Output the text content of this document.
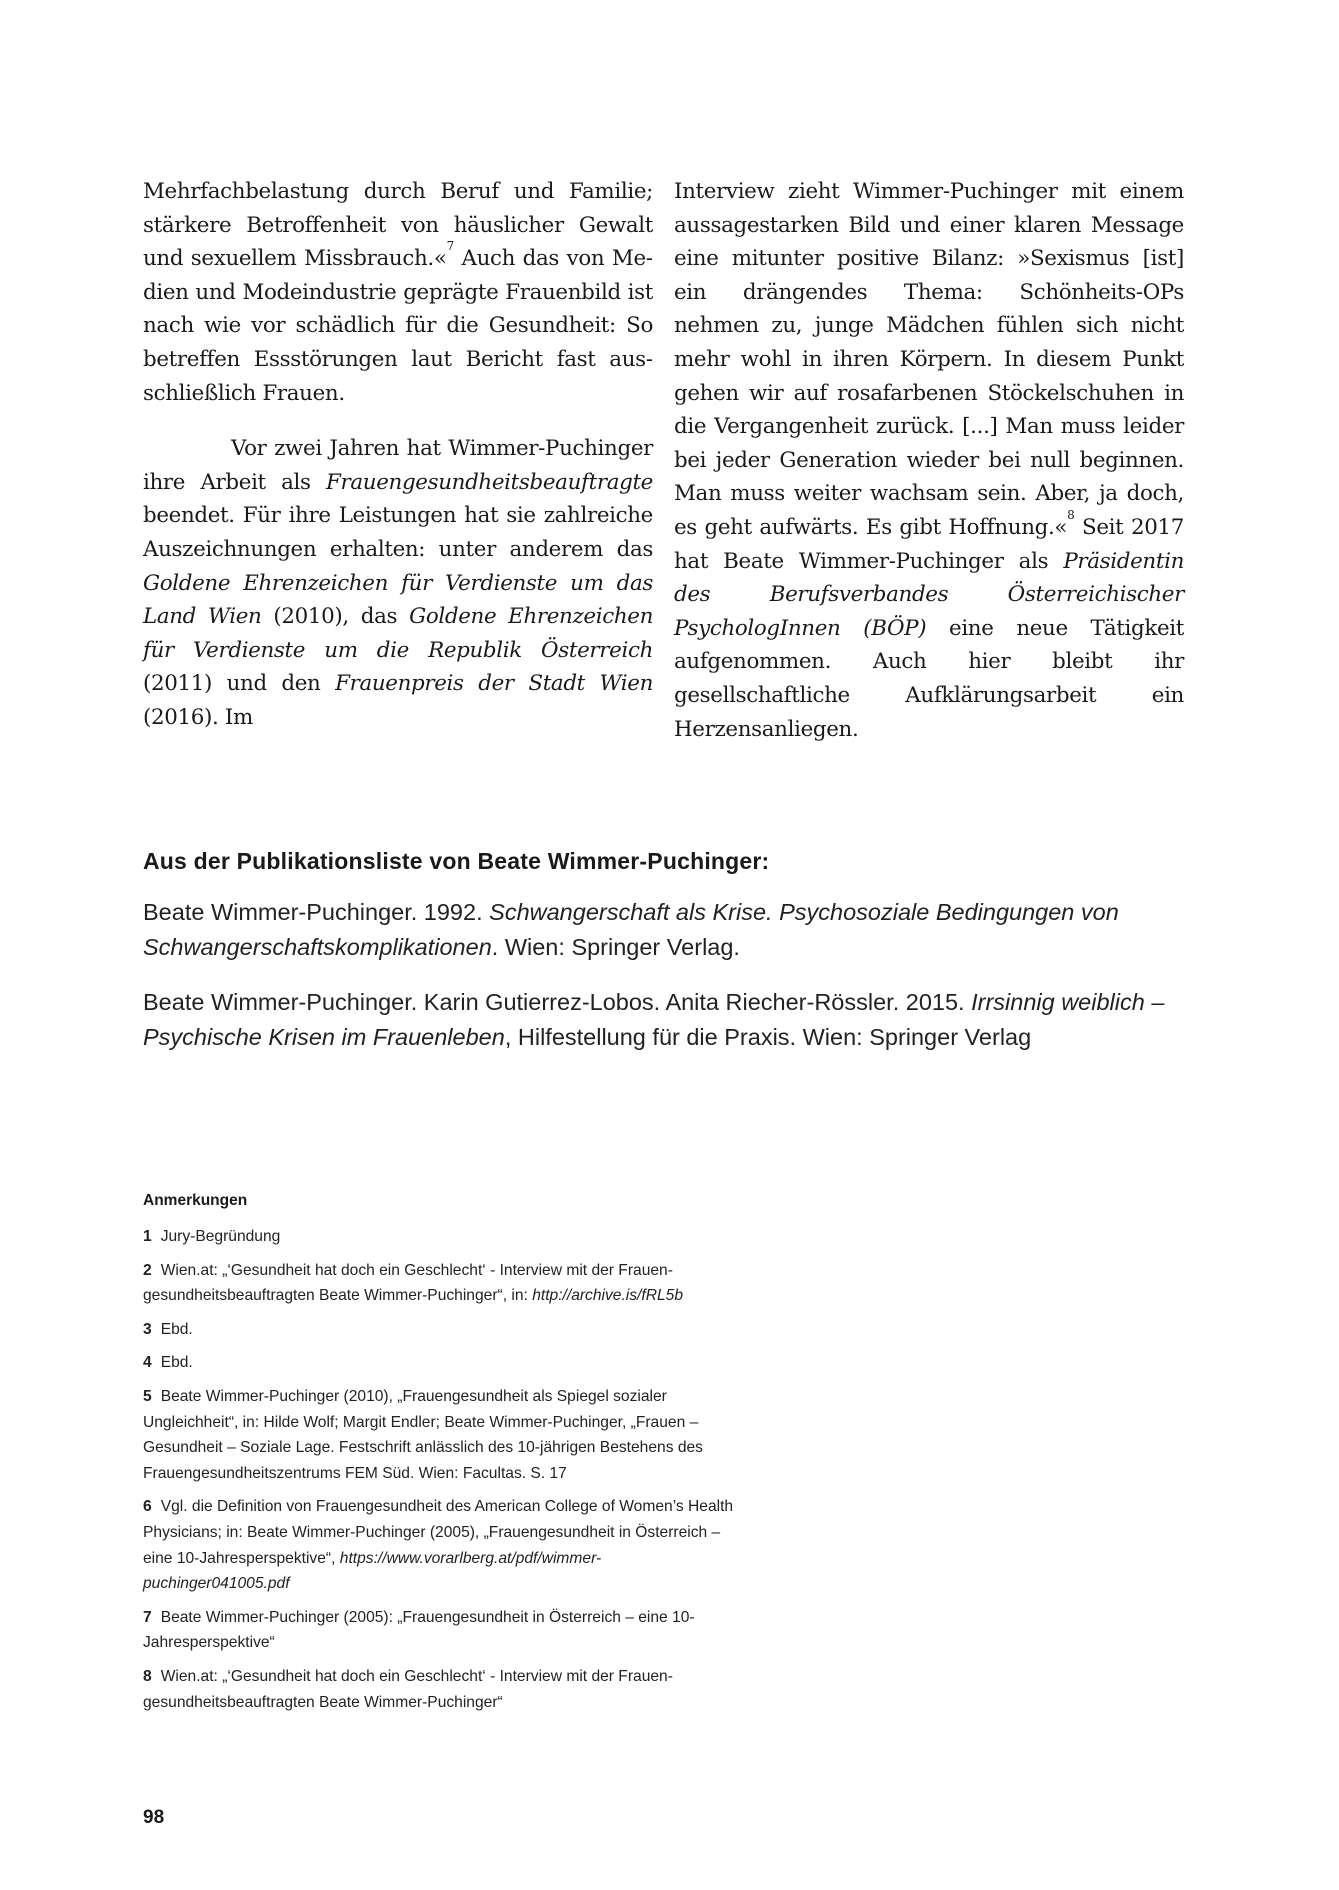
Mehrfachbelastung durch Beruf und Familie; stärkere Betroffenheit von häuslicher Gewalt und sexuellem Missbrauch.«$^7$ Auch das von Medien und Modeindustrie geprägte Frauenbild ist nach wie vor schädlich für die Gesundheit: So betreffen Essstörungen laut Bericht fast ausschließlich Frauen.

Vor zwei Jahren hat Wimmer-Puchinger ihre Arbeit als Frauengesundheitsbeauftragte beendet. Für ihre Leistungen hat sie zahlreiche Auszeichnungen erhalten: unter anderem das Goldene Ehrenzeichen für Verdienste um das Land Wien (2010), das Goldene Ehrenzeichen für Verdienste um die Republik Österreich (2011) und den Frauenpreis der Stadt Wien (2016). Im

Interview zieht Wimmer-Puchinger mit einem aussagestarken Bild und einer klaren Message eine mitunter positive Bilanz: »Sexismus [ist] ein drängendes Thema: Schönheits-OPs nehmen zu, junge Mädchen fühlen sich nicht mehr wohl in ihren Körpern. In diesem Punkt gehen wir auf rosafarbenen Stöckelschuhen in die Vergangenheit zurück. [...] Man muss leider bei jeder Generation wieder bei null beginnen. Man muss weiter wachsam sein. Aber, ja doch, es geht aufwärts. Es gibt Hoffnung.«$^8$ Seit 2017 hat Beate Wimmer-Puchinger als Präsidentin des Berufsverbandes Österreichischer PsychologInnen (BÖP) eine neue Tätigkeit aufgenommen. Auch hier bleibt ihr gesellschaftliche Aufklärungsarbeit ein Herzensanliegen.

Aus der Publikationsliste von Beate Wimmer-Puchinger:

Beate Wimmer-Puchinger. 1992. Schwangerschaft als Krise. Psychosoziale Bedingungen von Schwangerschaftskomplikationen. Wien: Springer Verlag.

Beate Wimmer-Puchinger. Karin Gutierrez-Lobos. Anita Riecher-Rössler. 2015. Irrsinnig weiblich – Psychische Krisen im Frauenleben, Hilfestellung für die Praxis. Wien: Springer Verlag

Anmerkungen
1 Jury-Begründung
2 Wien.at: „‘Gesundheit hat doch ein Geschlecht‘ - Interview mit der Frauengesundheitsbeauftragten Beate Wimmer-Puchinger“, in: http://archive.is/fRL5b
3 Ebd.
4 Ebd.
5 Beate Wimmer-Puchinger (2010), „Frauengesundheit als Spiegel sozialer Ungleichheit“, in: Hilde Wolf; Margit Endler; Beate Wimmer-Puchinger, „Frauen – Gesundheit – Soziale Lage. Festschrift anlässlich des 10-jährigen Bestehens des Frauengesundheitszentrums FEM Süd. Wien: Facultas. S. 17
6 Vgl. die Definition von Frauengesundheit des American College of Women’s Health Physicians; in: Beate Wimmer-Puchinger (2005), „Frauengesundheit in Österreich – eine 10-Jahresperspektive“, https://www.vorarlberg.at/pdf/wimmer-puchinger041005.pdf
7 Beate Wimmer-Puchinger (2005): „Frauengesundheit in Österreich – eine 10-Jahresperspektive“
8 Wien.at: „‘Gesundheit hat doch ein Geschlecht‘ - Interview mit der Frauengesundheitsbeauftragten Beate Wimmer-Puchinger“
98
